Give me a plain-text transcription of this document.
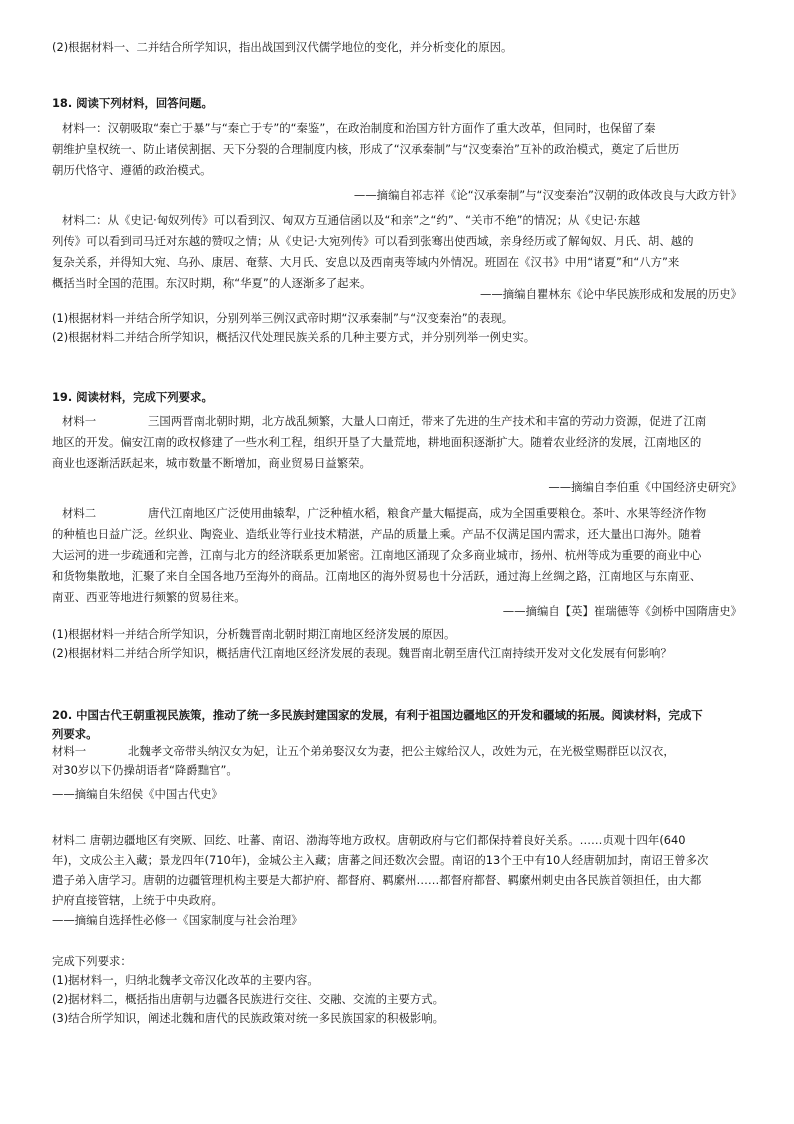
(2)根据材料一、二并结合所学知识，指出战国到汉代儒学地位的变化，并分析变化的原因。
18. 阅读下列材料，回答问题。
材料一：汉朝吸取“秦亡于暴”与“秦亡于专”的“秦鉴”，在政治制度和治国方针方面作了重大改革，但同时，也保留了秦
朝维护皇权统一、防止诸侯割据、天下分裂的合理制度内核，形成了“汉承秦制”与“汉变秦治”互补的政治模式，奠定了后世历
朝历代恪守、遵循的政治模式。
——摘编自祁志祥《论“汉承秦制”与“汉变秦治”汉朝的政体改良与大政方针》
材料二：从《史记·匈奴列传》可以看到汉、匈双方互通信函以及“和亲”之“约”、“关市不绝”的情况；从《史记·东越
列传》可以看到司马迁对东越的赞叹之情；从《史记·大宛列传》可以看到张骞出使西域，亲身经历或了解匈奴、月氏、胡、越的
复杂关系，并得知大宛、乌孙、康居、奄蔡、大月氏、安息以及西南夷等域内外情况。班固在《汉书》中用“诸夏”和“八方”来
概括当时全国的范围。东汉时期，称“华夏”的人逐渐多了起来。
——摘编自瞿林东《论中华民族形成和发展的历史》
(1)根据材料一并结合所学知识，分别列举三例汉武帝时期“汉承秦制”与“汉变秦治”的表现。
(2)根据材料二并结合所学知识，概括汉代处理民族关系的几种主要方式，并分别列举一例史实。
19. 阅读材料，完成下列要求。
材料一	三国两晋南北朝时期，北方战乱频繁，大量人口南迁，带来了先进的生产技术和丰富的劳动力资源，促进了江南
地区的开发。偏安江南的政权修建了一些水利工程，组织开垦了大量荒地，耕地面积逐渐扩大。随着农业经济的发展，江南地区的
商业也逐渐活跃起来，城市数量不断增加，商业贸易日益繁荣。
——摘编自李伯重《中国经济史研究》
材料二	唐代江南地区广泛使用曲辕犁，广泛种植水稻，粮食产量大幅提高，成为全国重要粮仓。茶叶、水果等经济作物
的种植也日益广泛。丝织业、陶瓷业、造纸业等行业技术精湛，产品的质量上乘。产品不仅满足国内需求，还大量出口海外。随着
大运河的进一步疏通和完善，江南与北方的经济联系更加紧密。江南地区涌现了众多商业城市，扬州、杭州等成为重要的商业中心
和货物集散地，汇聚了来自全国各地乃至海外的商品。江南地区的海外贸易也十分活跃，通过海上丝绸之路，江南地区与东南亚、
南亚、西亚等地进行频繁的贸易往来。
——摘编自【英】崔瑞德等《剑桥中国隋唐史》
(1)根据材料一并结合所学知识，分析魏晋南北朝时期江南地区经济发展的原因。
(2)根据材料二并结合所学知识，概括唐代江南地区经济发展的表现。魏晋南北朝至唐代江南持续开发对文化发展有何影响？
20. 中国古代王朝重视民族策，推动了统一多民族封建国家的发展，有利于祖国边疆地区的开发和疆域的拓展。阅读材料，完成下
列要求。
材料一	北魏孝文帝带头纳汉女为妃，让五个弟弟娶汉女为妻，把公主嫁给汉人，改姓为元，在光极堂赐群臣以汉衣，
对30岁以下仍操胡语者“降爵黜官”。
——摘编自朱绍侯《中国古代史》
材料二 唐朝边疆地区有突厥、回纥、吐蕃、南诏、渤海等地方政权。唐朝政府与它们都保持着良好关系。……贞观十四年(640
年)，文成公主入藏；景龙四年(710年)，金城公主入藏；唐蕃之间还数次会盟。南诏的13个王中有10人经唐朝加封，南诏王曾多次
遣子弟入唐学习。唐朝的边疆管理机构主要是大都护府、都督府、羁縻州……都督府都督、羁縻州刺史由各民族首领担任，由大都
护府直接管辖，上统于中央政府。
——摘编自选择性必修一《国家制度与社会治理》
完成下列要求：
(1)据材料一，归纳北魏孝文帝汉化改革的主要内容。
(2)据材料二，概括指出唐朝与边疆各民族进行交往、交融、交流的主要方式。
(3)结合所学知识，阐述北魏和唐代的民族政策对统一多民族国家的积极影响。
